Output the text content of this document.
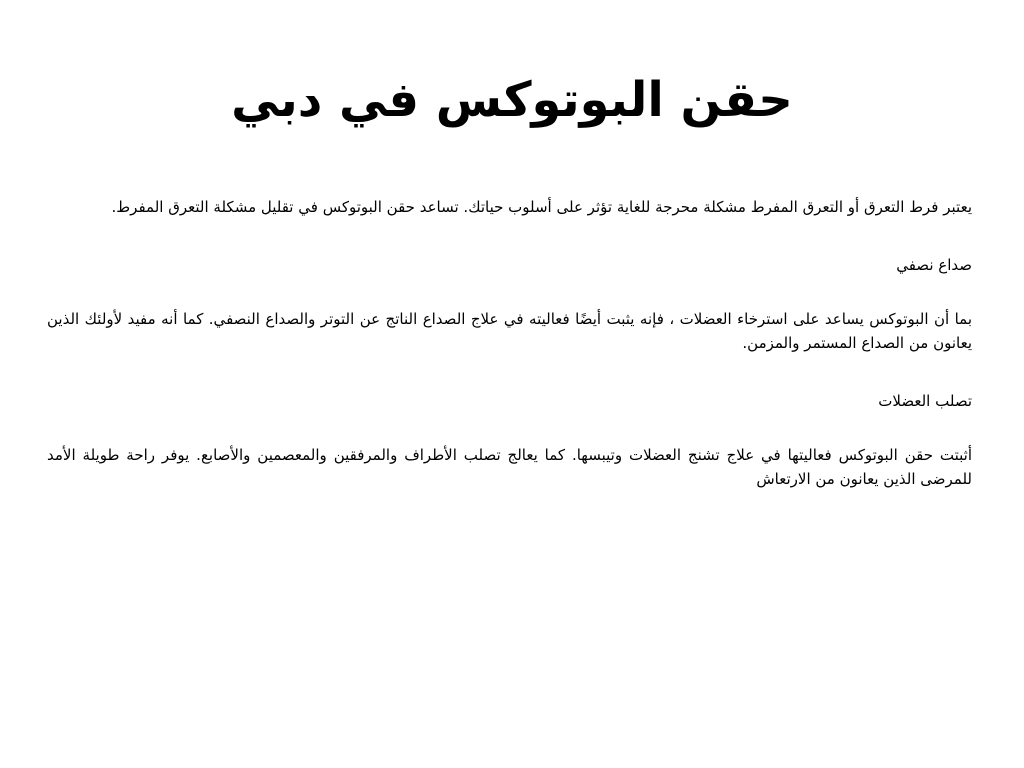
حقن البوتوكس في دبي

يعتبر فرط التعرق أو التعرق المفرط مشكلة محرجة للغاية تؤثر على أسلوب حياتك. تساعد حقن البوتوكس في تقليل مشكلة التعرق المفرط.

صداع نصفي

بما أن البوتوكس يساعد على استرخاء العضلات ، فإنه يثبت أيضًا فعاليته في علاج الصداع الناتج عن التوتر والصداع النصفي. كما أنه مفيد لأولئك الذين يعانون من الصداع المستمر والمزمن.

تصلب العضلات

أثبتت حقن البوتوكس فعاليتها في علاج تشنج العضلات وتيبسها. كما يعالج تصلب الأطراف والمرفقين والمعصمين والأصابع. يوفر راحة طويلة الأمد للمرضى الذين يعانون من الارتعاش
